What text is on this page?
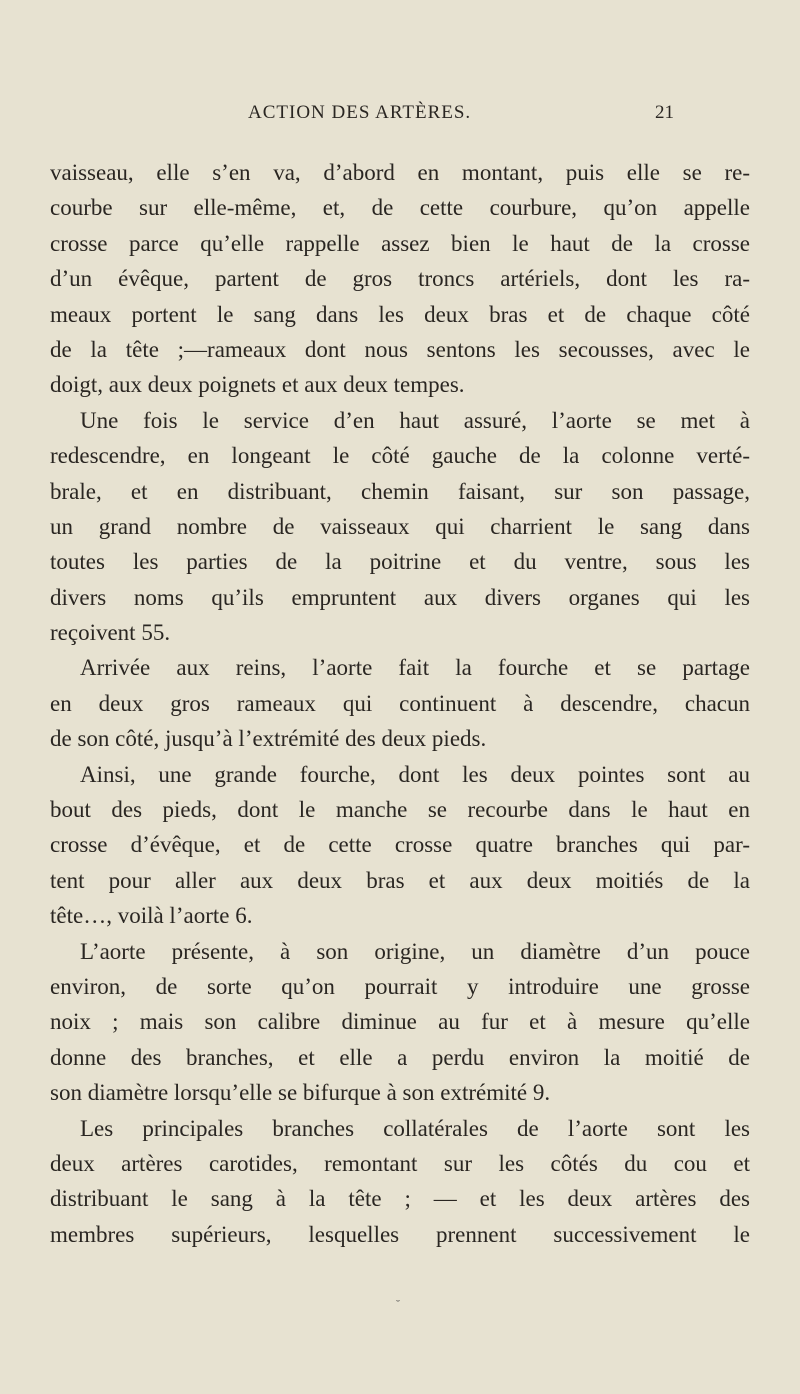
ACTION DES ARTÈRES.	21
vaisseau, elle s’en va, d’abord en montant, puis elle se re-
courbe sur elle-même, et, de cette courbure, qu’on appelle
crosse parce qu’elle rappelle assez bien le haut de la crosse
d’un évêque, partent de gros troncs artériels, dont les ra-
meaux portent le sang dans les deux bras et de chaque côté
de la tête ;—rameaux dont nous sentons les secousses, avec le
doigt, aux deux poignets et aux deux tempes.
Une fois le service d’en haut assuré, l’aorte se met à
redescendre, en longeant le côté gauche de la colonne verté-
brale, et en distribuant, chemin faisant, sur son passage,
un grand nombre de vaisseaux qui charrient le sang dans
toutes les parties de la poitrine et du ventre, sous les
divers noms qu’ils empruntent aux divers organes qui les
reçoivent 55.
Arrivée aux reins, l’aorte fait la fourche et se partage
en deux gros rameaux qui continuent à descendre, chacun
de son côté, jusqu’à l’extrémité des deux pieds.
Ainsi, une grande fourche, dont les deux pointes sont au
bout des pieds, dont le manche se recourbe dans le haut en
crosse d’évêque, et de cette crosse quatre branches qui par-
tent pour aller aux deux bras et aux deux moitiés de la
tête…, voilà l’aorte 6.
L’aorte présente, à son origine, un diamètre d’un pouce
environ, de sorte qu’on pourrait y introduire une grosse
noix ; mais son calibre diminue au fur et à mesure qu’elle
donne des branches, et elle a perdu environ la moitié de
son diamètre lorsqu’elle se bifurque à son extrémité 9.
Les principales branches collatérales de l’aorte sont les
deux artères carotides, remontant sur les côtés du cou et
distribuant le sang à la tête ; — et les deux artères des
membres supérieurs, lesquelles prennent successivement le
˘
